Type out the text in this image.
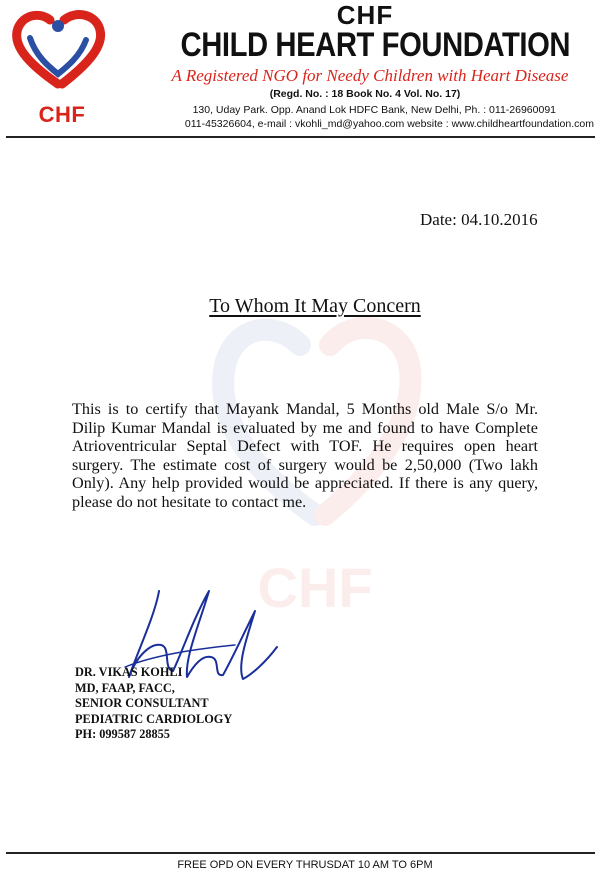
CHF
CHF
CHILD HEART FOUNDATION
A Registered NGO for Needy Children with Heart Disease
(Regd. No. : 18 Book No. 4 Vol. No. 17)
130, Uday Park. Opp. Anand Lok HDFC Bank, New Delhi, Ph. : 011-26960091
011-45326604, e-mail : vkohli_md@yahoo.com website : www.childheartfoundation.com
CHF
Date: 04.10.2016
To Whom It May Concern

This is to certify that Mayank Mandal, 5 Months old Male S/o Mr. Dilip Kumar Mandal is evaluated by me and found to have Complete Atrioventricular Septal Defect with TOF. He requires open heart surgery. The estimate cost of surgery would be 2,50,000 (Two lakh Only). Any help provided would be appreciated. If there is any query, please do not hesitate to contact me.

DR. VIKAS KOHLI
MD, FAAP, FACC,
SENIOR CONSULTANT
PEDIATRIC CARDIOLOGY
PH: 099587 28855
FREE OPD ON EVERY THRUSDAT 10 AM TO 6PM
